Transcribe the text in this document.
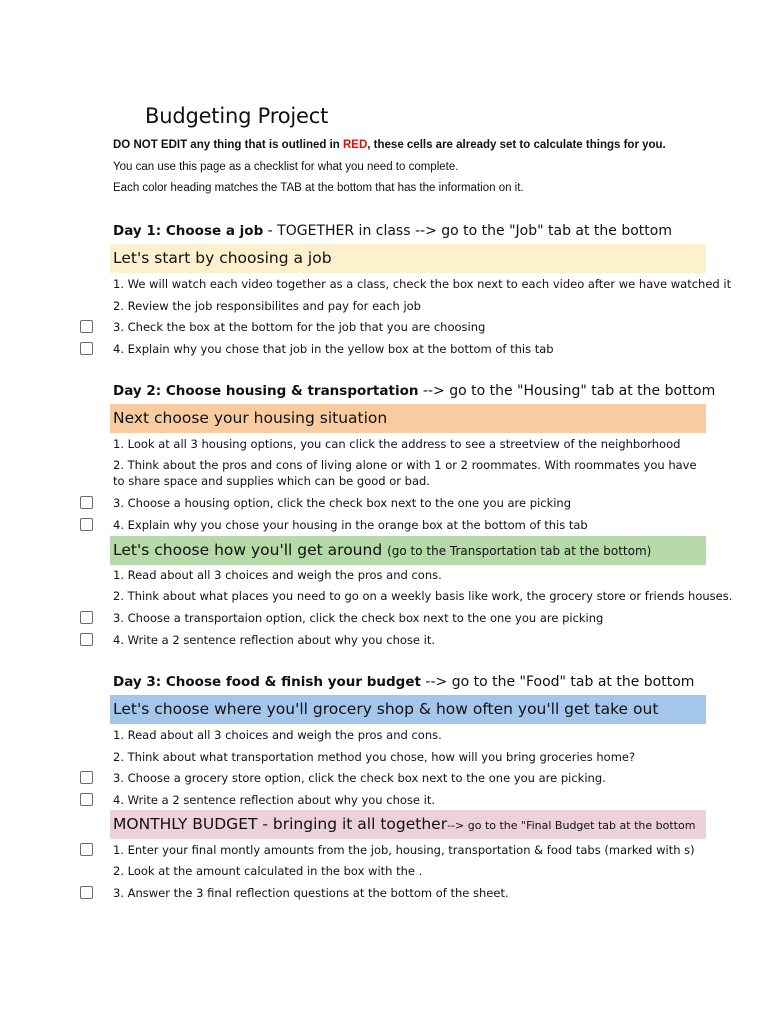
Budgeting Project
DO NOT EDIT any thing that is outlined in RED, these cells are already set to calculate things for you.
You can use this page as a checklist for what you need to complete.
Each color heading matches the TAB at the bottom that has the information on it.
Day 1: Choose a job - TOGETHER in class --> go to the "Job" tab at the bottom
Let's start by choosing a job
1. We will watch each video together as a class, check the box next to each video after we have watched it
2. Review the job responsibilites and pay for each job
3. Check the box at the bottom for the job that you are choosing
4. Explain why you chose that job in the yellow box at the bottom of this tab
Day 2: Choose housing & transportation --> go to the "Housing" tab at the bottom
Next choose your housing situation
1. Look at all 3 housing options, you can click the address to see a streetview of the neighborhood
2. Think about the pros and cons of living alone or with 1 or 2 roommates. With roommates you have to share space and supplies which can be good or bad.
3. Choose a housing option, click the check box next to the one you are picking
4. Explain why you chose your housing in the orange box at the bottom of this tab
Let's choose how you'll get around (go to the Transportation tab at the bottom)
1. Read about all 3 choices and weigh the pros and cons.
2. Think about what places you need to go on a weekly basis like work, the grocery store or friends houses.
3. Choose a transportaion option, click the check box next to the one you are picking
4. Write a 2 sentence reflection about why you chose it.
Day 3: Choose food & finish your budget --> go to the "Food" tab at the bottom
Let's choose where you'll grocery shop & how often you'll get take out
1. Read about all 3 choices and weigh the pros and cons.
2. Think about what transportation method you chose, how will you bring groceries home?
3. Choose a grocery store option, click the check box next to the one you are picking.
4. Write a 2 sentence reflection about why you chose it.
MONTHLY BUDGET - bringing it all together--> go to the "Final Budget tab at the bottom
1. Enter your final montly amounts from the job, housing, transportation & food tabs (marked with s)
2. Look at the amount calculated in the box with the .
3. Answer the 3 final reflection questions at the bottom of the sheet.
